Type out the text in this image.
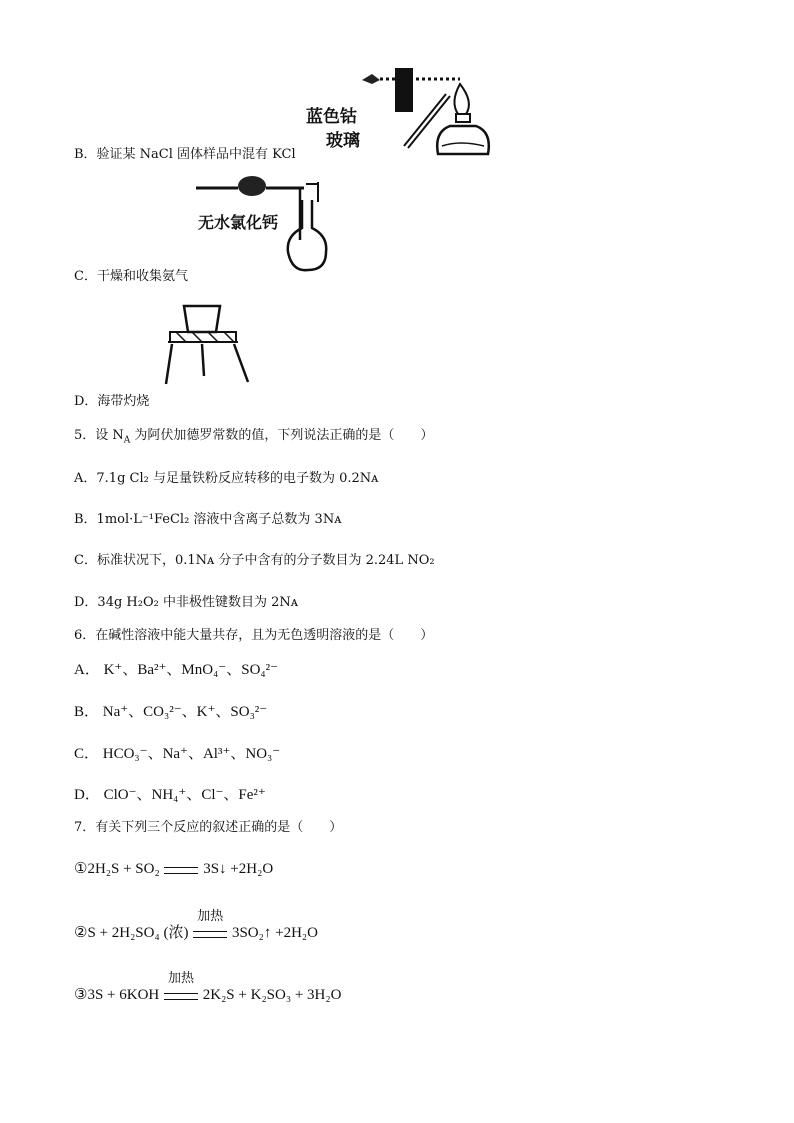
蓝色钴
玻璃
B．验证某 NaCl 固体样品中混有 KCl
无水氯化钙
C．干燥和收集氨气
D．海带灼烧
5．设 $N_A$ 为阿伏加德罗常数的值，下列说法正确的是（　　）
A．7.1g Cl₂ 与足量铁粉反应转移的电子数为 0.2Nᴀ
B．1mol·L⁻¹FeCl₂ 溶液中含离子总数为 3Nᴀ
C．标准状况下，0.1Nᴀ 分子中含有的分子数目为 2.24L NO₂
D．34g H₂O₂ 中非极性键数目为 2Nᴀ
6．在碱性溶液中能大量共存，且为无色透明溶液的是（　　）
A． K⁺、Ba²⁺、MnO₄⁻、SO₄²⁻
B． Na⁺、CO₃²⁻、K⁺、SO₃²⁻
C． HCO₃⁻、Na⁺、Al³⁺、NO₃⁻
D． ClO⁻、NH₄⁺、Cl⁻、Fe²⁺
7．有关下列三个反应的叙述正确的是（　　）
①2H₂S + SO₂	3S↓ +2H₂O
②S + 2H₂SO₄ (浓)
加热
3SO₂↑ +2H₂O
③3S + 6KOH
加热
2K₂S + K₂SO₃ + 3H₂O
